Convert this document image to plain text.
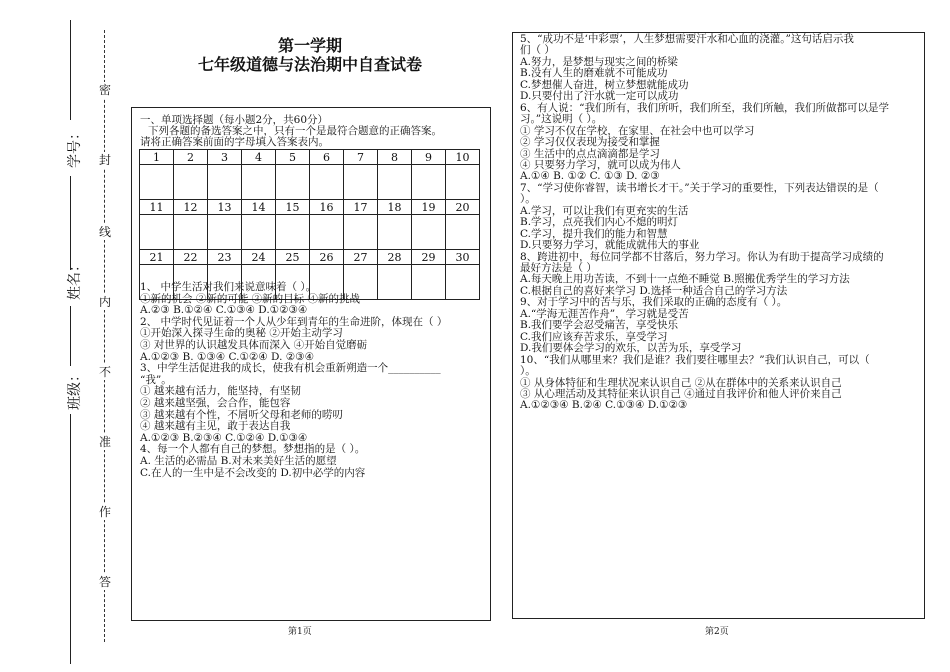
学号：
姓名：
班级：
密
封
线
内
不
准
作
答
第一学期
七年级道德与法治期中自查试卷
一、单项选择题（每小题2分，共60分）
下列各题的备选答案之中，只有一个是最符合题意的正确答案。
请将正确答案前面的字母填入答案表内。
1	2	3	4	5	6	7	8	9	10

11	12	13	14	15	16	17	18	19	20

21	22	23	24	25	26	27	28	29	30

1、 中学生活对我们来说意味着（ ）。
①新的机会 ②新的可能 ③新的目标 ④新的挑战
A.②③ B.①②④ C.①③④ D.①②③④
2、 中学时代见证着一个人从少年到青年的生命进阶，体现在（ ）
①开始深入探寻生命的奥秘 ②开始主动学习
③ 对世界的认识越发具体而深入 ④开始自觉磨砺
A.①②③ B. ①③④ C.①②④ D. ②③④
3、中学生活促进我的成长，使我有机会重新朔造一个__________
“我”。
① 越来越有活力，能坚持，有坚韧
② 越来越坚强，会合作，能包容
③ 越来越有个性，不屑听父母和老师的唠叨
④ 越来越有主见，敢于表达自我
A.①②③ B.②③④ C.①②④ D.①③④
4、每一个人都有自己的梦想。梦想指的是（ ）。
A. 生活的必需品 B.对未来美好生活的愿望
C.在人的一生中是不会改变的 D.初中必学的内容
5、“成功不是‘中彩票’，人生梦想需要汗水和心血的浇灌。”这句话启示我
们（ ）
A.努力，是梦想与现实之间的桥梁
B.没有人生的磨难就不可能成功
C.梦想催人奋进，树立梦想就能成功
D.只要付出了汗水就一定可以成功
6、有人说：“我们所有，我们所听，我们所至，我们所触，我们所做都可以是学
习。”这说明（ ）。
① 学习不仅在学校，在家里、在社会中也可以学习
② 学习仅仅表现为接受和掌握
③ 生活中的点点滴滴都是学习
④ 只要努力学习，就可以成为伟人
A.①④ B. ①② C. ①③ D. ②③
7、“学习使你睿智，读书增长才干。”关于学习的重要性，下列表达错误的是（
）。
A.学习，可以让我们有更充实的生活
B.学习，点亮我们内心不熄的明灯
C.学习，提升我们的能力和智慧
D.只要努力学习，就能成就伟大的事业
8、跨进初中，每位同学都不甘落后，努力学习。你认为有助于提高学习成绩的
最好方法是（ ）
A.每天晚上用功苦读，不到十一点绝不睡觉 B.照搬优秀学生的学习方法
C.根据自己的喜好来学习 D.选择一种适合自己的学习方法
9、对于学习中的苦与乐，我们采取的正确的态度有（ ）。
A.“学海无涯苦作舟”，学习就是受苦
B.我们要学会忍受痛苦，享受快乐
C.我们应该弃苦求乐，享受学习
D.我们要体会学习的欢乐，以苦为乐，享受学习
10、“我们从哪里来？我们是谁？我们要往哪里去？”我们认识自己，可以（
）。
① 从身体特征和生理状况来认识自己 ②从在群体中的关系来认识自己
③ 从心理活动及其特征来认识自己 ④通过自我评价和他人评价来自己
A.①②③④ B.②④ C.①③④ D.①②③
第1页	第2页
